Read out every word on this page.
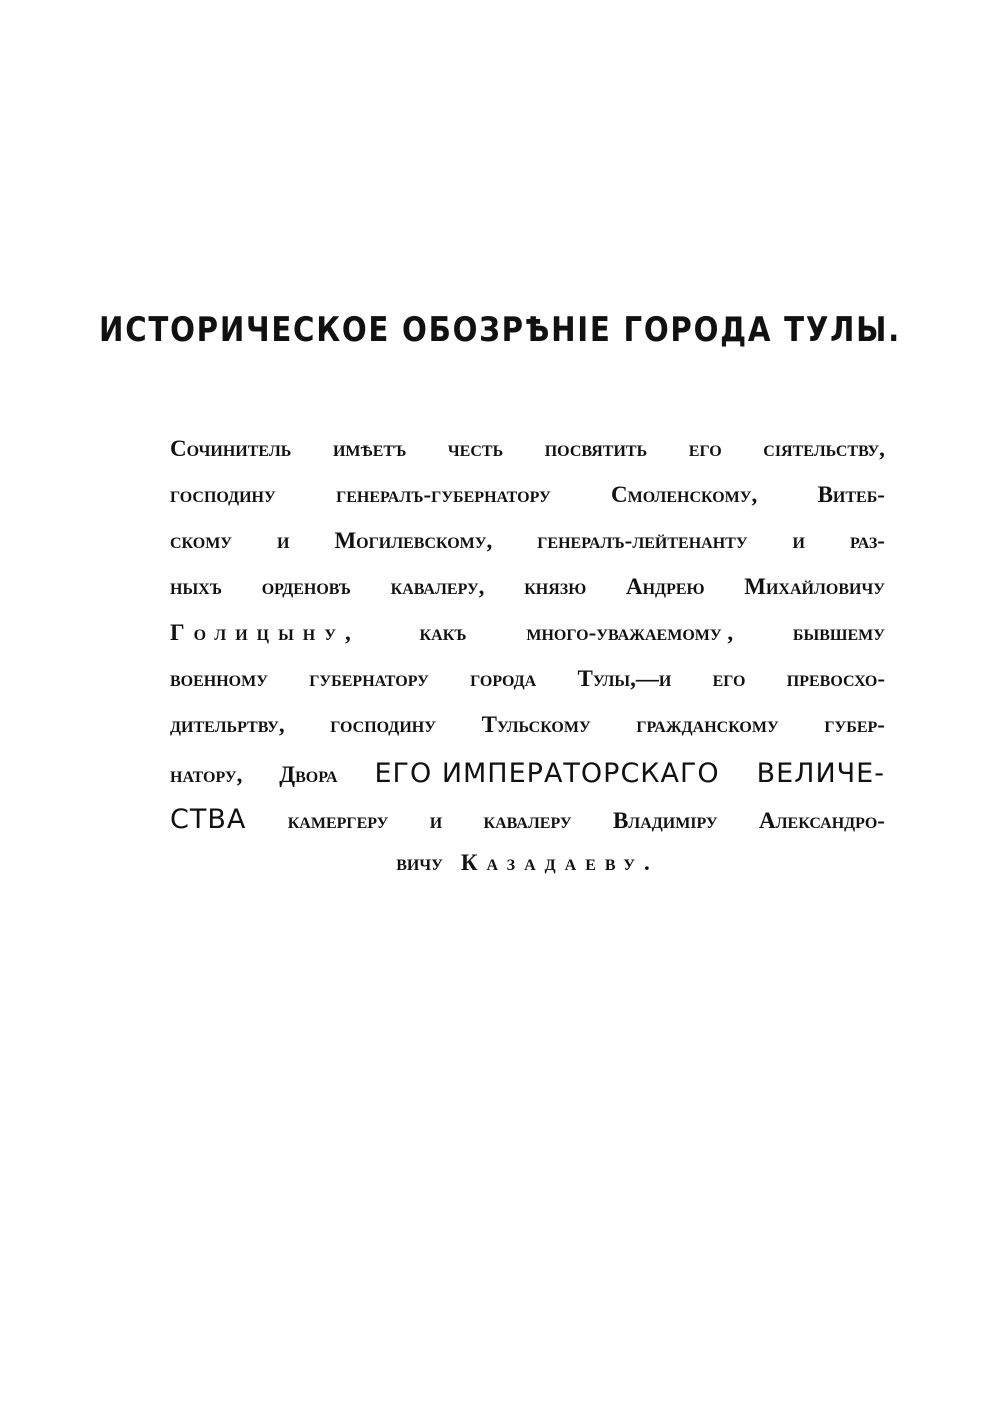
ИСТОРИЧЕСКОЕ ОБОЗРѢНІЕ ГОРОДА ТУЛЫ.
Сочинитель имѣетъ честь посвятить его сіятельству,
господину	генералъ-губернатору	Смоленскому,	Витеб-
скому и Могилевскому, генералъ-лейтенанту и раз-
ныхъ орденовъ кавалеру, князю Андрею Михайловичу
Голицыну,	какъ	много-уважаемому ,	бывшему
военному губернатору города Тулы,—и его превосхо-
дительртву, господину Тульскому гражданскому губер-
натору, Двора ЕГО ИМПЕРАТОРСКАГО ВЕЛИЧЕ-
СТВА камергеру и кавалеру Владиміру Александро-
вичу Казадаеву.
